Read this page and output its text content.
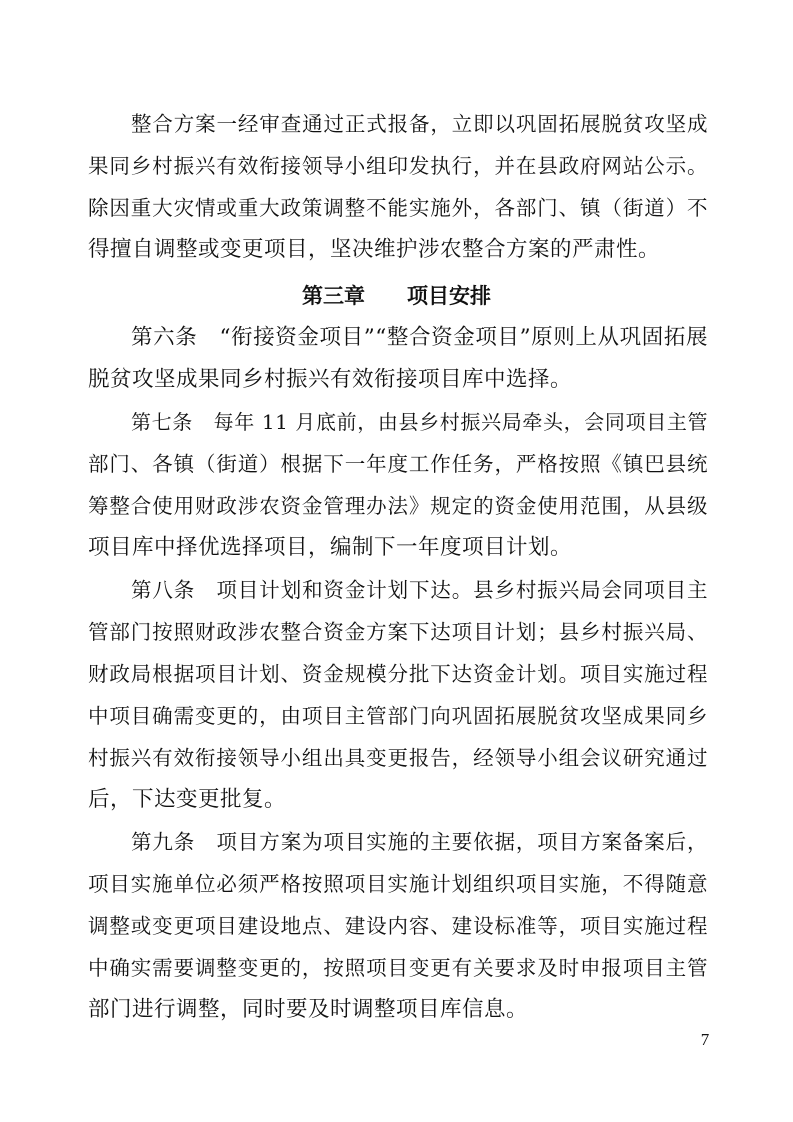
整合方案一经审查通过正式报备，立即以巩固拓展脱贫攻坚成
果同乡村振兴有效衔接领导小组印发执行，并在县政府网站公示。
除因重大灾情或重大政策调整不能实施外，各部门、镇（街道）不
得擅自调整或变更项目，坚决维护涉农整合方案的严肃性。
第三章　　项目安排
第六条　“衔接资金项目”“整合资金项目”原则上从巩固拓展
脱贫攻坚成果同乡村振兴有效衔接项目库中选择。
第七条　每年 11 月底前，由县乡村振兴局牵头，会同项目主管
部门、各镇（街道）根据下一年度工作任务，严格按照《镇巴县统
筹整合使用财政涉农资金管理办法》规定的资金使用范围，从县级
项目库中择优选择项目，编制下一年度项目计划。
第八条　项目计划和资金计划下达。县乡村振兴局会同项目主
管部门按照财政涉农整合资金方案下达项目计划；县乡村振兴局、
财政局根据项目计划、资金规模分批下达资金计划。项目实施过程
中项目确需变更的，由项目主管部门向巩固拓展脱贫攻坚成果同乡
村振兴有效衔接领导小组出具变更报告，经领导小组会议研究通过
后，下达变更批复。
第九条　项目方案为项目实施的主要依据，项目方案备案后，
项目实施单位必须严格按照项目实施计划组织项目实施，不得随意
调整或变更项目建设地点、建设内容、建设标准等，项目实施过程
中确实需要调整变更的，按照项目变更有关要求及时申报项目主管
部门进行调整，同时要及时调整项目库信息。
7
